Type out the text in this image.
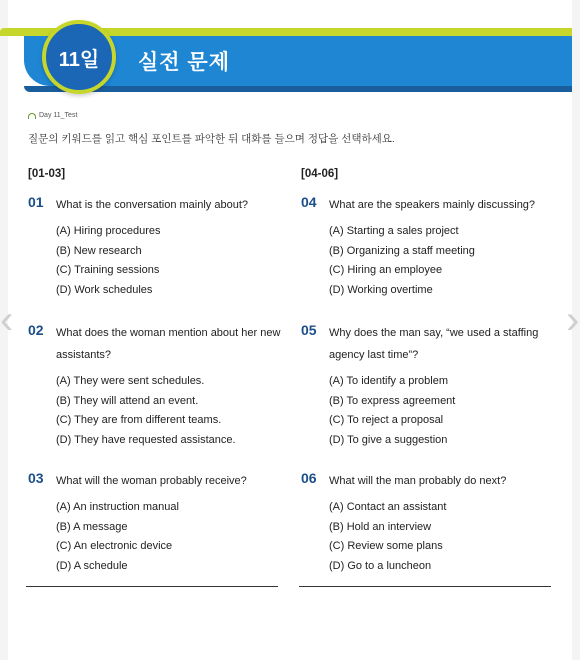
11일 실전 문제
Day 11_Test
질문의 키워드를 읽고 핵심 포인트를 파악한 뒤 대화를 들으며 정답을 선택하세요.
[01-03]
01 What is the conversation mainly about?
(A) Hiring procedures
(B) New research
(C) Training sessions
(D) Work schedules
02 What does the woman mention about her new assistants?
(A) They were sent schedules.
(B) They will attend an event.
(C) They are from different teams.
(D) They have requested assistance.
03 What will the woman probably receive?
(A) An instruction manual
(B) A message
(C) An electronic device
(D) A schedule
[04-06]
04 What are the speakers mainly discussing?
(A) Starting a sales project
(B) Organizing a staff meeting
(C) Hiring an employee
(D) Working overtime
05 Why does the man say, “we used a staffing agency last time”?
(A) To identify a problem
(B) To express agreement
(C) To reject a proposal
(D) To give a suggestion
06 What will the man probably do next?
(A) Contact an assistant
(B) Hold an interview
(C) Review some plans
(D) Go to a luncheon
‹	›
